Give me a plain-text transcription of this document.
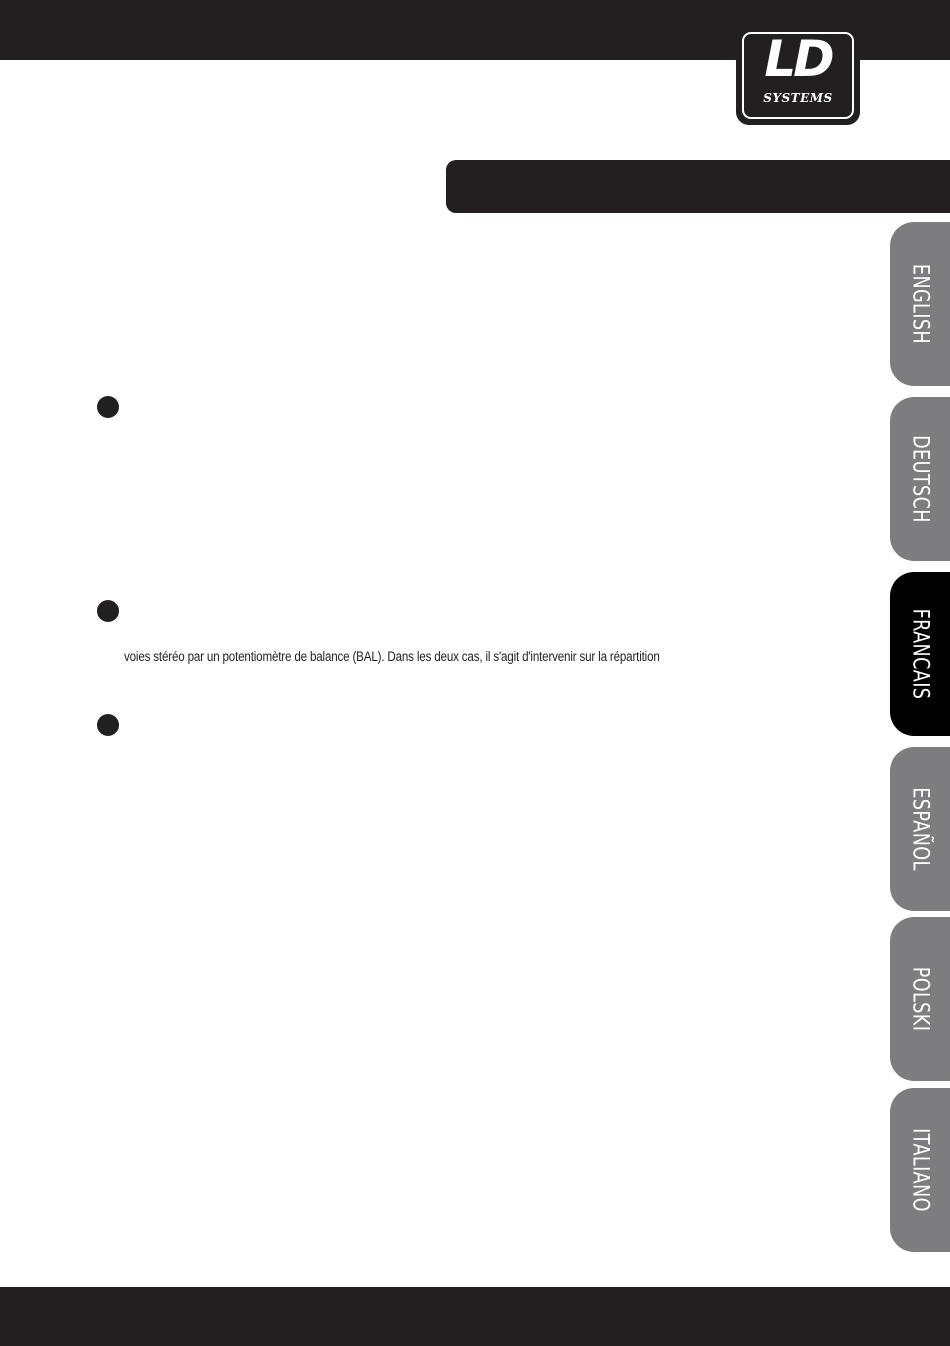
LD
SYSTEMS
voies stéréo par un potentiomètre de balance (BAL). Dans les deux cas, il s'agit d'intervenir sur la répartition
ENGLISH
DEUTSCH
FRANCAIS
ESPAÑOL
POLSKI
ITALIANO
